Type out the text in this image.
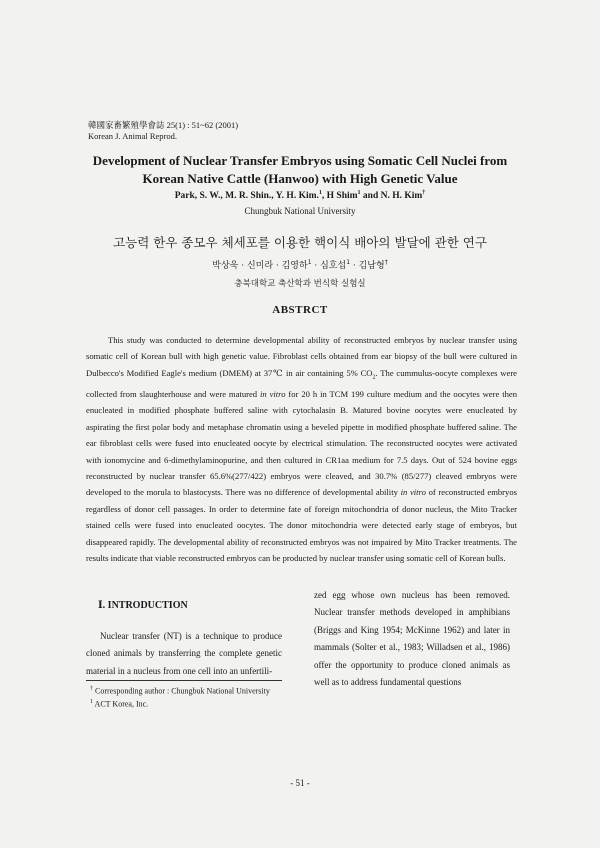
韓國家畜繁殖學會誌 25(1) : 51~62 (2001)
Korean J. Animal Reprod.
Development of Nuclear Transfer Embryos using Somatic Cell Nuclei from
Korean Native Cattle (Hanwoo) with High Genetic Value
Park, S. W., M. R. Shin., Y. H. Kim.$^1$, H Shim$^1$ and N. H. Kim†
Chungbuk National University
고능력 한우 종모우 체세포를 이용한 핵이식 배아의 발달에 관한 연구
박상욱 · 신미라 · 김영하$^1$ · 심호섭$^1$ · 김남형†
충북대학교 축산학과 번식학 실험실
ABSTRCT

This study was conducted to determine developmental ability of reconstructed embryos by nuclear transfer using somatic cell of Korean bull with high genetic value. Fibroblast cells obtained from ear biopsy of the bull were cultured in Dulbecco's Modified Eagle's medium (DMEM) at 37℃ in air containing 5% $CO_2$. The cummulus-oocyte complexes were collected from slaughterhouse and were matured in vitro for 20 h in TCM 199 culture medium and the oocytes were then enucleated in modified phosphate buffered saline with cytochalasin B. Matured bovine oocytes were enucleated by aspirating the first polar body and metaphase chromatin using a beveled pipette in modified phosphate buffered saline. The ear fibroblast cells were fused into enucleated oocyte by electrical stimulation. The reconstructed oocytes were activated with ionomycine and 6-dimethylaminopurine, and then cultured in CR1aa medium for 7.5 days. Out of 524 bovine eggs reconstructed by nuclear transfer 65.6%(277/422) embryos were cleaved, and 30.7% (85/277) cleaved embryos were developed to the morula to blastocysts. There was no difference of developmental ability in vitro of reconstructed embryos regardless of donor cell passages. In order to determine fate of foreign mitochondria of donor nucleus, the Mito Tracker stained cells were fused into enucleated oocytes. The donor mitochondria were detected early stage of embryos, but disappeared rapidly. The developmental ability of reconstructed embryos was not impaired by Mito Tracker treatments. The results indicate that viable reconstructed embryos can be producted by nuclear transfer using somatic cell of Korean bulls.

Ⅰ. INTRODUCTION

Nuclear transfer (NT) is a technique to produce cloned animals by transferring the complete genetic material in a nucleus from one cell into an unfertili-

zed egg whose own nucleus has been removed. Nuclear transfer methods developed in amphibians (Briggs and King 1954; McKinne 1962) and later in mammals (Solter et al., 1983; Willadsen et al., 1986) offer the opportunity to produce cloned animals as well as to address fundamental questions

† Corresponding author : Chungbuk National University
$^1$ ACT Korea, Inc.
- 51 -
